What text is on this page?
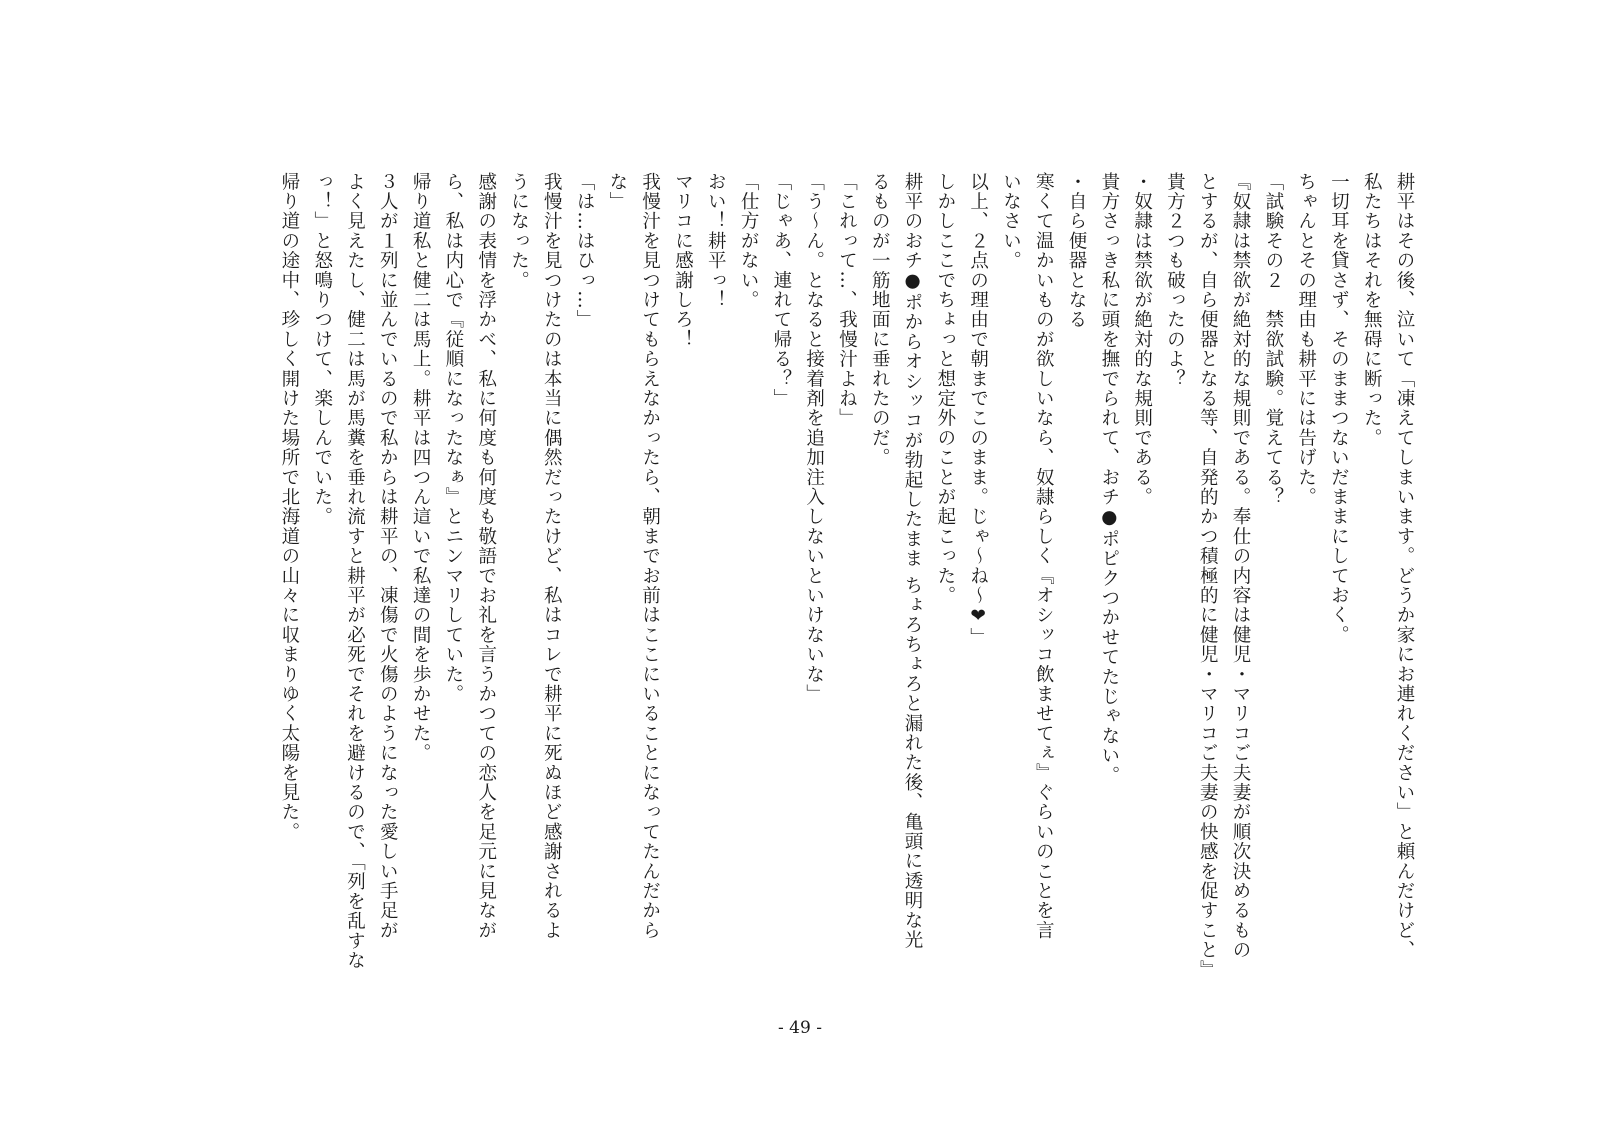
耕平はその後、泣いて「凍えてしまいます。どうか家にお連れください」と頼んだけど、
私たちはそれを無碍に断った。
一切耳を貸さず、そのままつないだままにしておく。
ちゃんとその理由も耕平には告げた。
「試験その２　禁欲試験。覚えてる？
『奴隷は禁欲が絶対的な規則である。奉仕の内容は健児・マリコご夫妻が順次決めるもの
とするが、自ら便器となる等、自発的かつ積極的に健児・マリコご夫妻の快感を促すこと』
貴方２つも破ったのよ？
・奴隷は禁欲が絶対的な規則である。
貴方さっき私に頭を撫でられて、おチ●ポピクつかせてたじゃない。
・自ら便器となる
寒くて温かいものが欲しいなら、奴隷らしく『オシッコ飲ませてぇ』ぐらいのことを言
いなさい。
以上、２点の理由で朝までこのまま。じゃ～ね～❤」
しかしここでちょっと想定外のことが起こった。
耕平のおチ●ポからオシッコが勃起したまま ちょろちょろと漏れた後、亀頭に透明な光
るものが一筋地面に垂れたのだ。
「これって…、我慢汁よね」
「う～ん。となると接着剤を追加注入しないといけないな」
「じゃあ、連れて帰る？」
「仕方がない。
おい！耕平っ！
マリコに感謝しろ！
我慢汁を見つけてもらえなかったら、朝までお前はここにいることになってたんだから
な」
「は…はひっ…」
我慢汁を見つけたのは本当に偶然だったけど、私はコレで耕平に死ぬほど感謝されるよ
うになった。
感謝の表情を浮かべ、私に何度も何度も敬語でお礼を言うかつての恋人を足元に見なが
ら、私は内心で『従順になったなぁ』とニンマリしていた。
帰り道私と健二は馬上。耕平は四つん這いで私達の間を歩かせた。
３人が１列に並んでいるので私からは耕平の、凍傷で火傷のようになった愛しい手足が
よく見えたし、健二は馬が馬糞を垂れ流すと耕平が必死でそれを避けるので、「列を乱すな
っ！」と怒鳴りつけて、楽しんでいた。
帰り道の途中、珍しく開けた場所で北海道の山々に収まりゆく太陽を見た。
- 49 -
